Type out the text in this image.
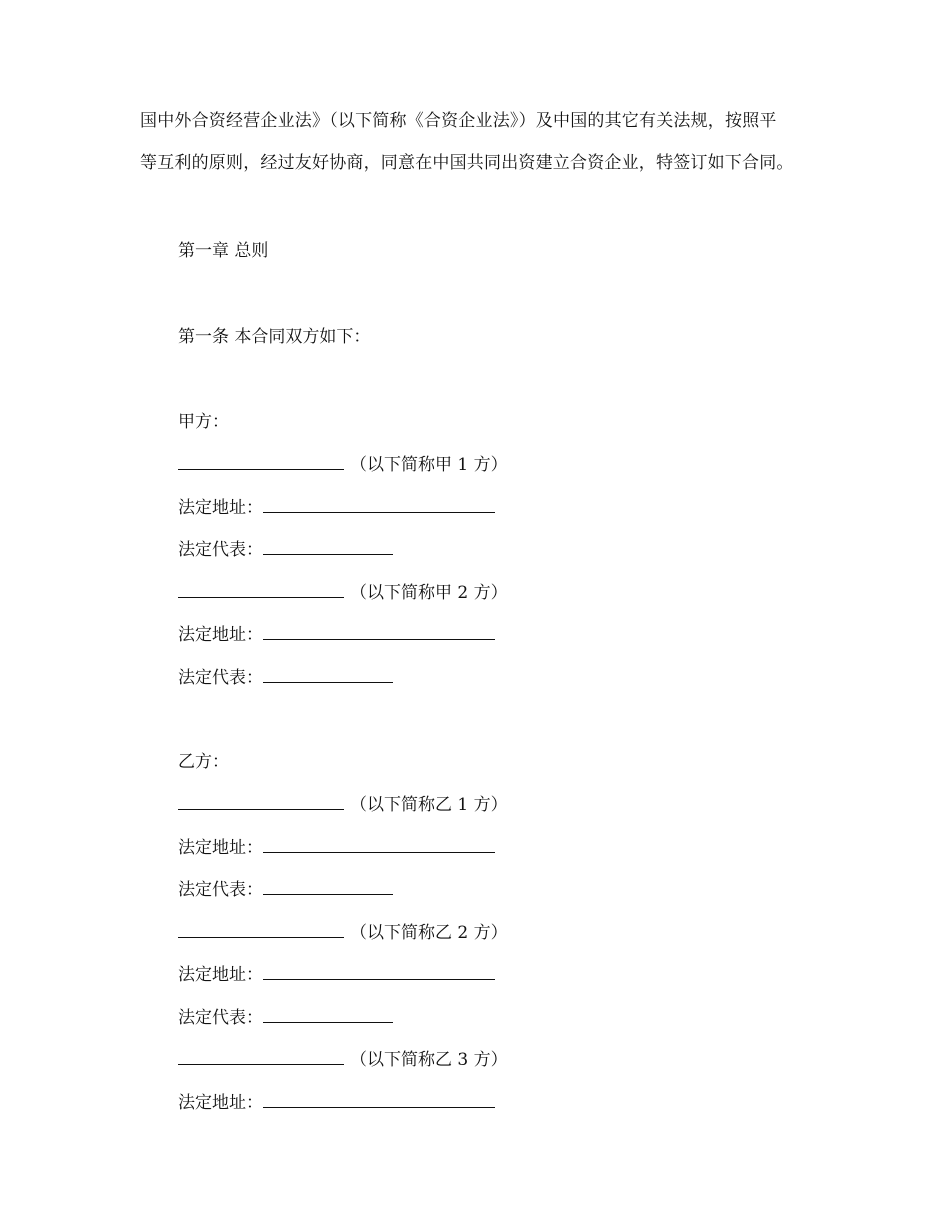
国中外合资经营企业法》（以下简称《合资企业法》）及中国的其它有关法规，按照平
等互利的原则，经过友好协商，同意在中国共同出资建立合资企业，特签订如下合同。

第一章 总则
第一条 本合同双方如下：
甲方：
（以下简称甲 1 方）
法定地址：
法定代表：
（以下简称甲 2 方）
法定地址：
法定代表：
乙方：
（以下简称乙 1 方）
法定地址：
法定代表：
（以下简称乙 2 方）
法定地址：
法定代表：
（以下简称乙 3 方）
法定地址：
